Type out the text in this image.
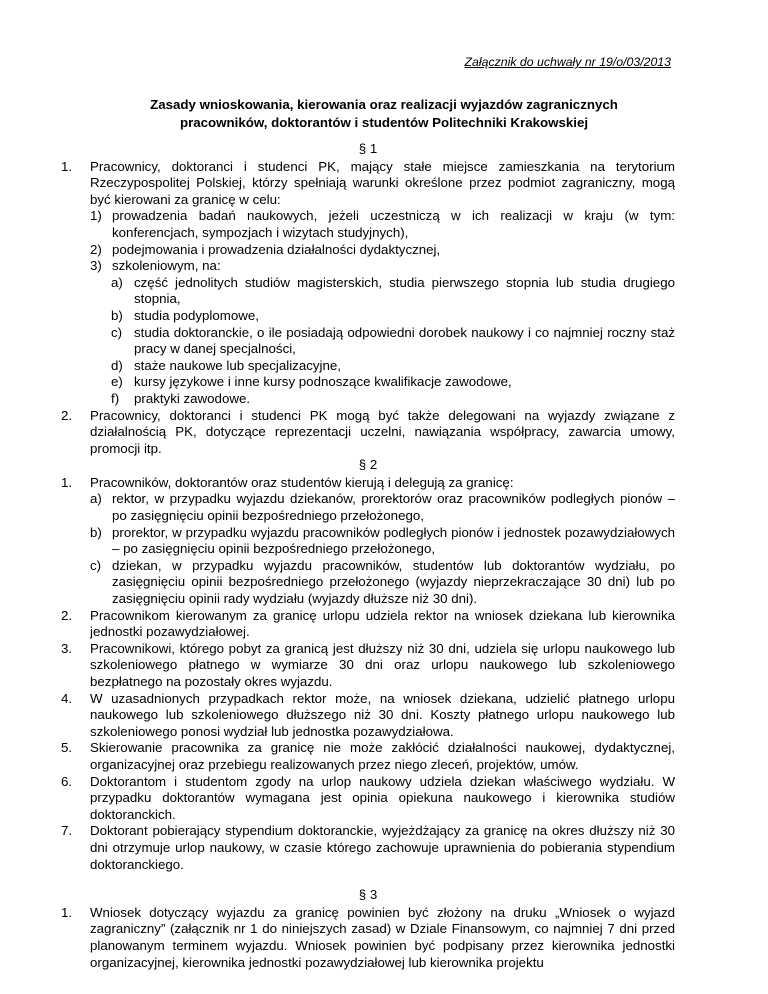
Załącznik do uchwały nr 19/o/03/2013
Zasady wnioskowania, kierowania oraz realizacji wyjazdów zagranicznych
pracowników, doktorantów i studentów Politechniki Krakowskiej
§ 1
1. Pracownicy, doktoranci i studenci PK, mający stałe miejsce zamieszkania na terytorium Rzeczypospolitej Polskiej, którzy spełniają warunki określone przez podmiot zagraniczny, mogą być kierowani za granicę w celu:
1) prowadzenia badań naukowych, jeżeli uczestniczą w ich realizacji w kraju (w tym: konferencjach, sympozjach i wizytach studyjnych),
2) podejmowania i prowadzenia działalności dydaktycznej,
3) szkoleniowym, na:
a) część jednolitych studiów magisterskich, studia pierwszego stopnia lub studia drugiego stopnia,
b) studia podyplomowe,
c) studia doktoranckie, o ile posiadają odpowiedni dorobek naukowy i co najmniej roczny staż pracy w danej specjalności,
d) staże naukowe lub specjalizacyjne,
e) kursy językowe i inne kursy podnoszące kwalifikacje zawodowe,
f) praktyki zawodowe.
2. Pracownicy, doktoranci i studenci PK mogą być także delegowani na wyjazdy związane z działalnością PK, dotyczące reprezentacji uczelni, nawiązania współpracy, zawarcia umowy, promocji itp.
§ 2
1. Pracowników, doktorantów oraz studentów kierują i delegują za granicę:
a) rektor, w przypadku wyjazdu dziekanów, prorektorów oraz pracowników podległych pionów – po zasięgnięciu opinii bezpośredniego przełożonego,
b) prorektor, w przypadku wyjazdu pracowników podległych pionów i jednostek pozawydziałowych – po zasięgnięciu opinii bezpośredniego przełożonego,
c) dziekan, w przypadku wyjazdu pracowników, studentów lub doktorantów wydziału, po zasięgnięciu opinii bezpośredniego przełożonego (wyjazdy nieprzekraczające 30 dni) lub po zasięgnięciu opinii rady wydziału (wyjazdy dłuższe niż 30 dni).
2. Pracownikom kierowanym za granicę urlopu udziela rektor na wniosek dziekana lub kierownika jednostki pozawydziałowej.
3. Pracownikowi, którego pobyt za granicą jest dłuższy niż 30 dni, udziela się urlopu naukowego lub szkoleniowego płatnego w wymiarze 30 dni oraz urlopu naukowego lub szkoleniowego bezpłatnego na pozostały okres wyjazdu.
4. W uzasadnionych przypadkach rektor może, na wniosek dziekana, udzielić płatnego urlopu naukowego lub szkoleniowego dłuższego niż 30 dni. Koszty płatnego urlopu naukowego lub szkoleniowego ponosi wydział lub jednostka pozawydziałowa.
5. Skierowanie pracownika za granicę nie może zakłócić działalności naukowej, dydaktycznej, organizacyjnej oraz przebiegu realizowanych przez niego zleceń, projektów, umów.
6. Doktorantom i studentom zgody na urlop naukowy udziela dziekan właściwego wydziału. W przypadku doktorantów wymagana jest opinia opiekuna naukowego i kierownika studiów doktoranckich.
7. Doktorant pobierający stypendium doktoranckie, wyjeżdżający za granicę na okres dłuższy niż 30 dni otrzymuje urlop naukowy, w czasie którego zachowuje uprawnienia do pobierania stypendium doktoranckiego.
§ 3
1. Wniosek dotyczący wyjazdu za granicę powinien być złożony na druku „Wniosek o wyjazd zagraniczny” (załącznik nr 1 do niniejszych zasad) w Dziale Finansowym, co najmniej 7 dni przed planowanym terminem wyjazdu. Wniosek powinien być podpisany przez kierownika jednostki organizacyjnej, kierownika jednostki pozawydziałowej lub kierownika projektu
